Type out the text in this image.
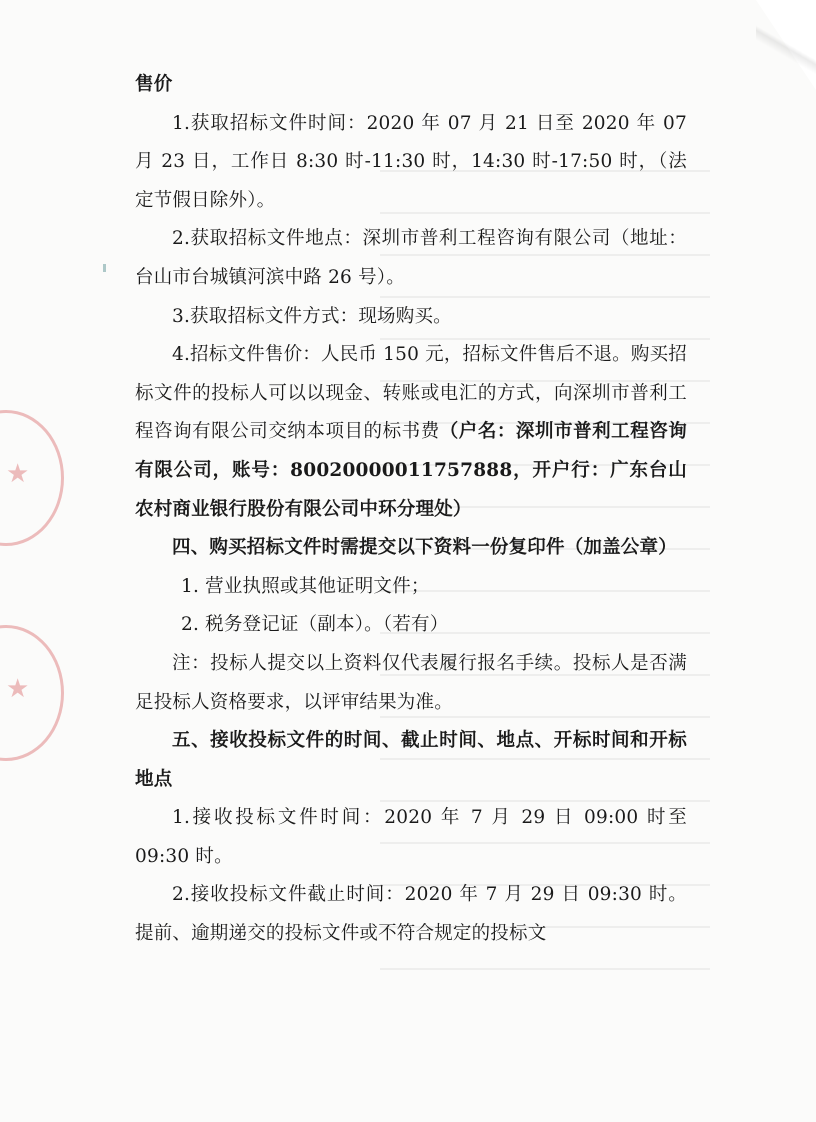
★
★

售价

1.获取招标文件时间：2020 年 07 月 21 日至 2020 年 07 月 23 日，工作日 8:30 时-11:30 时，14:30 时-17:50 时，（法定节假日除外）。

2.获取招标文件地点：深圳市普利工程咨询有限公司（地址：台山市台城镇河滨中路 26 号）。

3.获取招标文件方式：现场购买。

4.招标文件售价：人民币 150 元，招标文件售后不退。购买招标文件的投标人可以以现金、转账或电汇的方式，向深圳市普利工程咨询有限公司交纳本项目的标书费（户名：深圳市普利工程咨询有限公司，账号：80020000011757888，开户行：广东台山农村商业银行股份有限公司中环分理处）

四、购买招标文件时需提交以下资料一份复印件（加盖公章）

1. 营业执照或其他证明文件；

2. 税务登记证（副本）。（若有）

注：投标人提交以上资料仅代表履行报名手续。投标人是否满足投标人资格要求，以评审结果为准。

五、接收投标文件的时间、截止时间、地点、开标时间和开标地点

1.接收投标文件时间：2020 年 7 月 29 日 09:00 时至 09:30 时。

2.接收投标文件截止时间：2020 年 7 月 29 日 09:30 时。提前、逾期递交的投标文件或不符合规定的投标文
